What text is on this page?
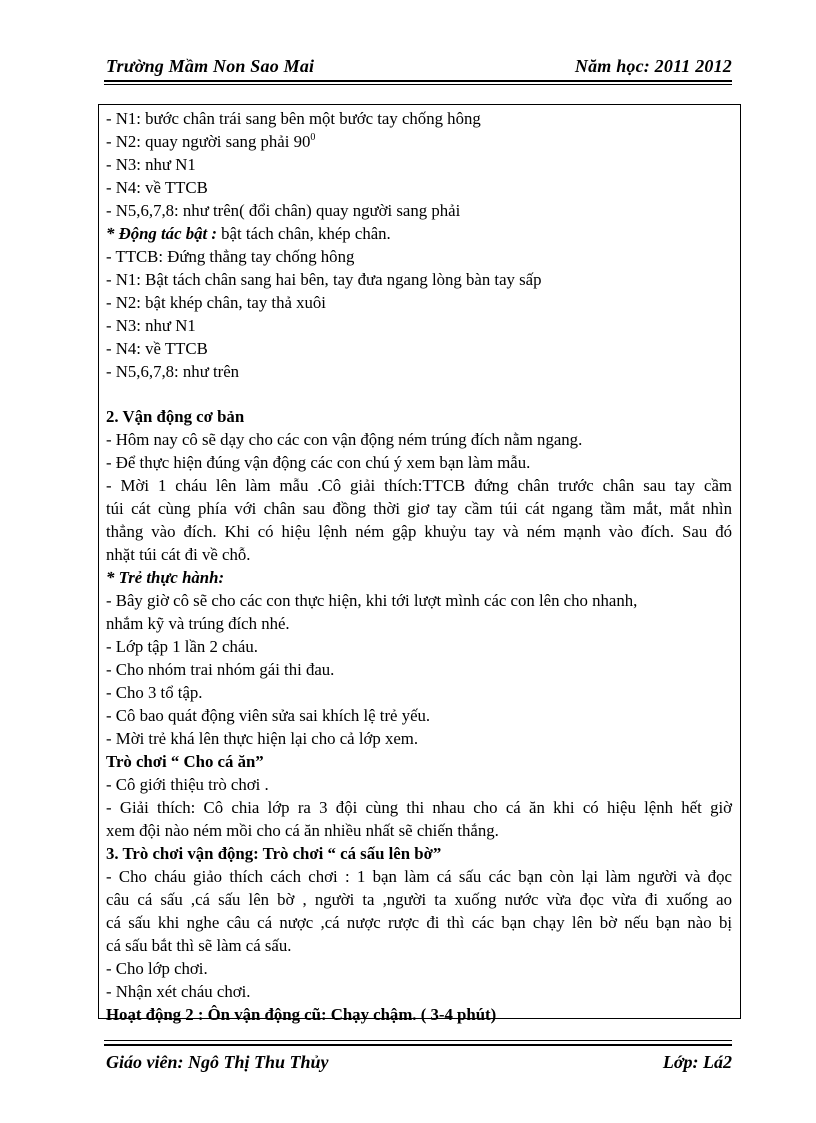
Trường Mầm Non Sao Mai	Năm học: 2011 2012
- N1: bước chân trái sang bên một bước tay chống hông
- N2: quay người sang phải $90^0$
- N3: như N1
- N4: về TTCB
- N5,6,7,8: như trên( đổi chân) quay người sang phải
* Động tác bật : bật tách chân, khép chân.
- TTCB: Đứng thẳng tay chống hông
- N1: Bật tách chân sang hai bên, tay đưa ngang lòng bàn tay sấp
- N2: bật khép chân, tay thả xuôi
- N3: như N1
- N4: về TTCB
- N5,6,7,8: như trên
2. Vận động cơ bản
- Hôm nay cô sẽ dạy cho các con vận động ném trúng đích nằm ngang.
- Để thực hiện đúng vận động các con chú ý xem bạn làm mẫu.
- Mời 1 cháu lên làm mẫu .Cô giải thích:TTCB đứng chân trước chân sau tay cầm
túi cát cùng phía với chân sau đồng thời giơ tay cầm túi cát ngang tầm mắt, mắt nhìn
thẳng vào đích. Khi có hiệu lệnh ném gập khuỷu tay và ném mạnh vào đích. Sau đó
nhặt túi cát đi về chỗ.
* Trẻ thực hành:
- Bây giờ cô sẽ cho các con thực hiện, khi tới lượt mình các con lên cho nhanh,
nhắm kỹ và trúng đích nhé.
- Lớp tập 1 lần 2 cháu.
- Cho nhóm trai nhóm gái thi đau.
- Cho 3 tổ tập.
- Cô bao quát động viên sửa sai khích lệ trẻ yếu.
- Mời trẻ khá lên thực hiện lại cho cả lớp xem.
Trò chơi “ Cho cá ăn”
- Cô giới thiệu trò chơi .
- Giải thích: Cô chia lớp ra 3 đội cùng thi nhau cho cá ăn khi có hiệu lệnh hết giờ
xem đội nào ném mồi cho cá ăn nhiều nhất sẽ chiến thắng.
3. Trò chơi vận động: Trò chơi “ cá sấu lên bờ”
- Cho cháu giảo thích cách chơi : 1 bạn làm cá sấu các bạn còn lại làm người và đọc
câu cá sấu ,cá sấu lên bờ , người ta ,người ta xuống nước vừa đọc vừa đi xuống ao
cá sấu khi nghe câu cá nược ,cá nược rược đi thì các bạn chạy lên bờ nếu bạn nào bị
cá sấu bắt thì sẽ làm cá sấu.
- Cho lớp chơi.
- Nhận xét cháu chơi.
Hoạt động 2 : Ôn vận động cũ: Chạy chậm. ( 3-4 phút)
Giáo viên: Ngô Thị Thu Thủy	Lớp: Lá2
